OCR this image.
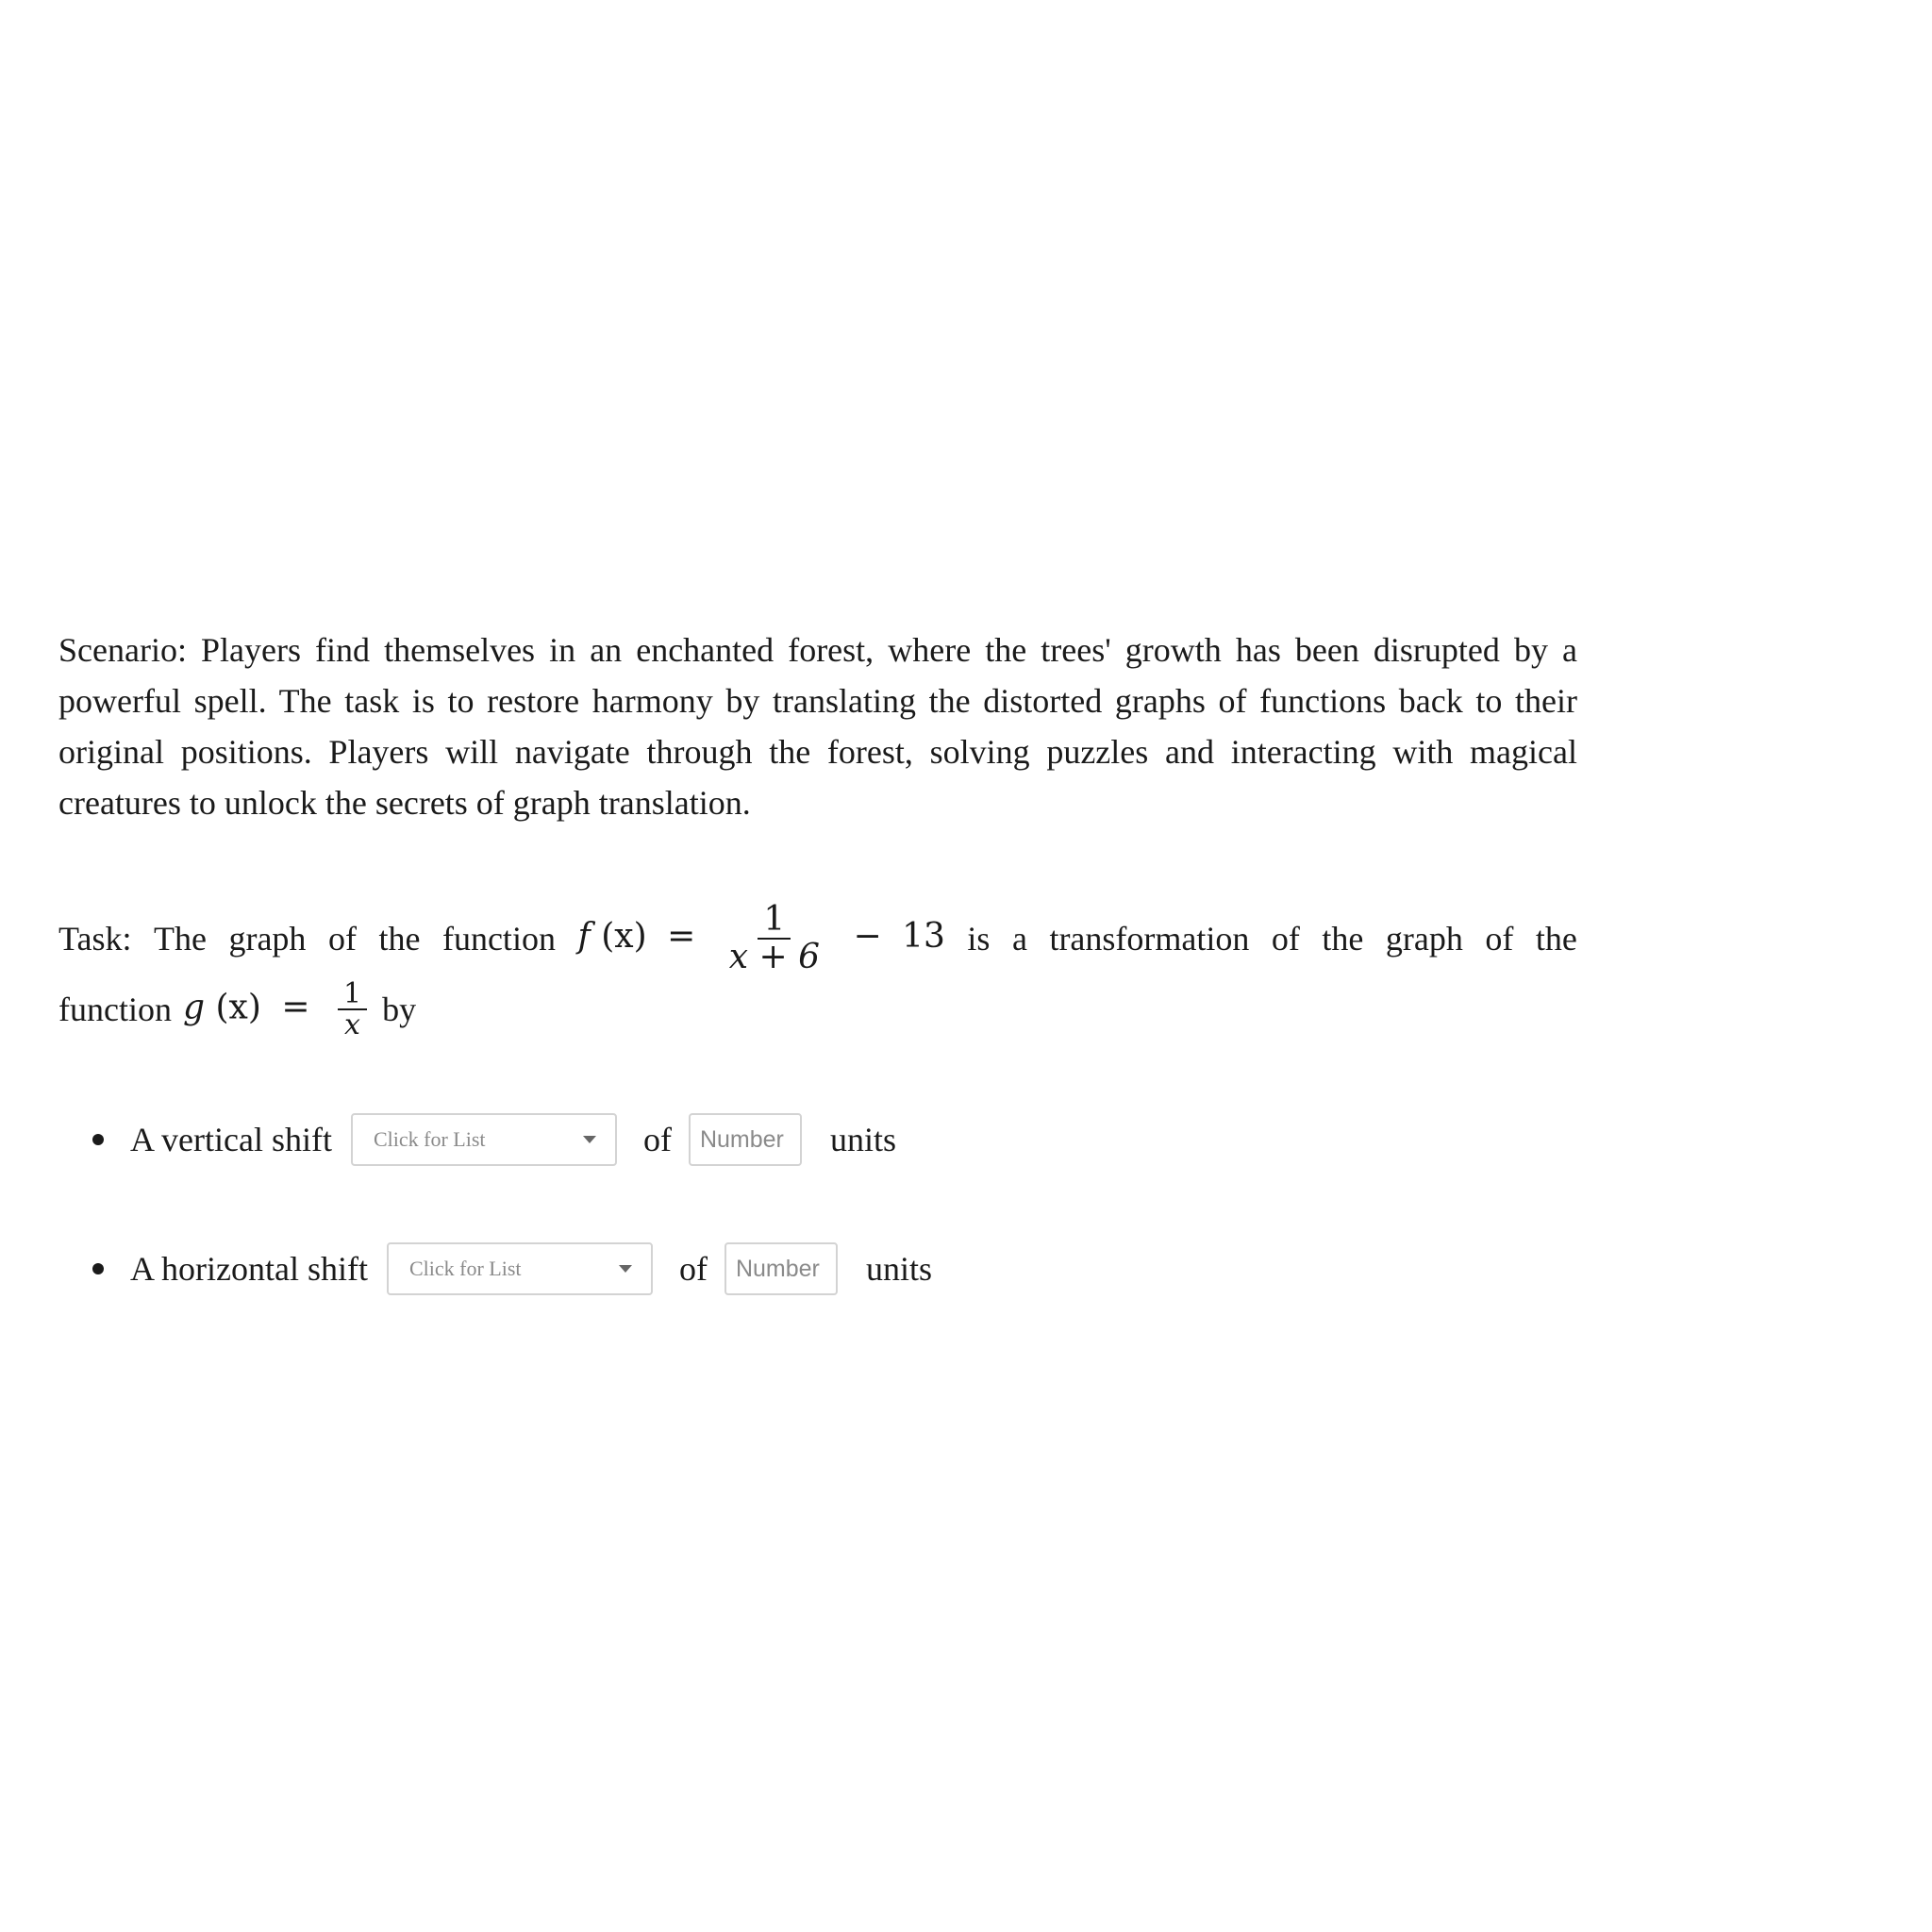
Scenario: Players find themselves in an enchanted forest, where the trees' growth has been disrupted by a powerful spell. The task is to restore harmony by translating the distorted graphs of functions back to their original positions. Players will navigate through the forest, solving puzzles and interacting with magical creatures to unlock the secrets of graph translation.

Task: The graph of the function f $(x) = \frac{1}{x + 6} - 13$ is a transformation of the graph of the
function g $(x) = \frac{1}{x}$ by
A vertical shift Click for List	of
Number	units
A horizontal shift Click for List	of
Number	units
